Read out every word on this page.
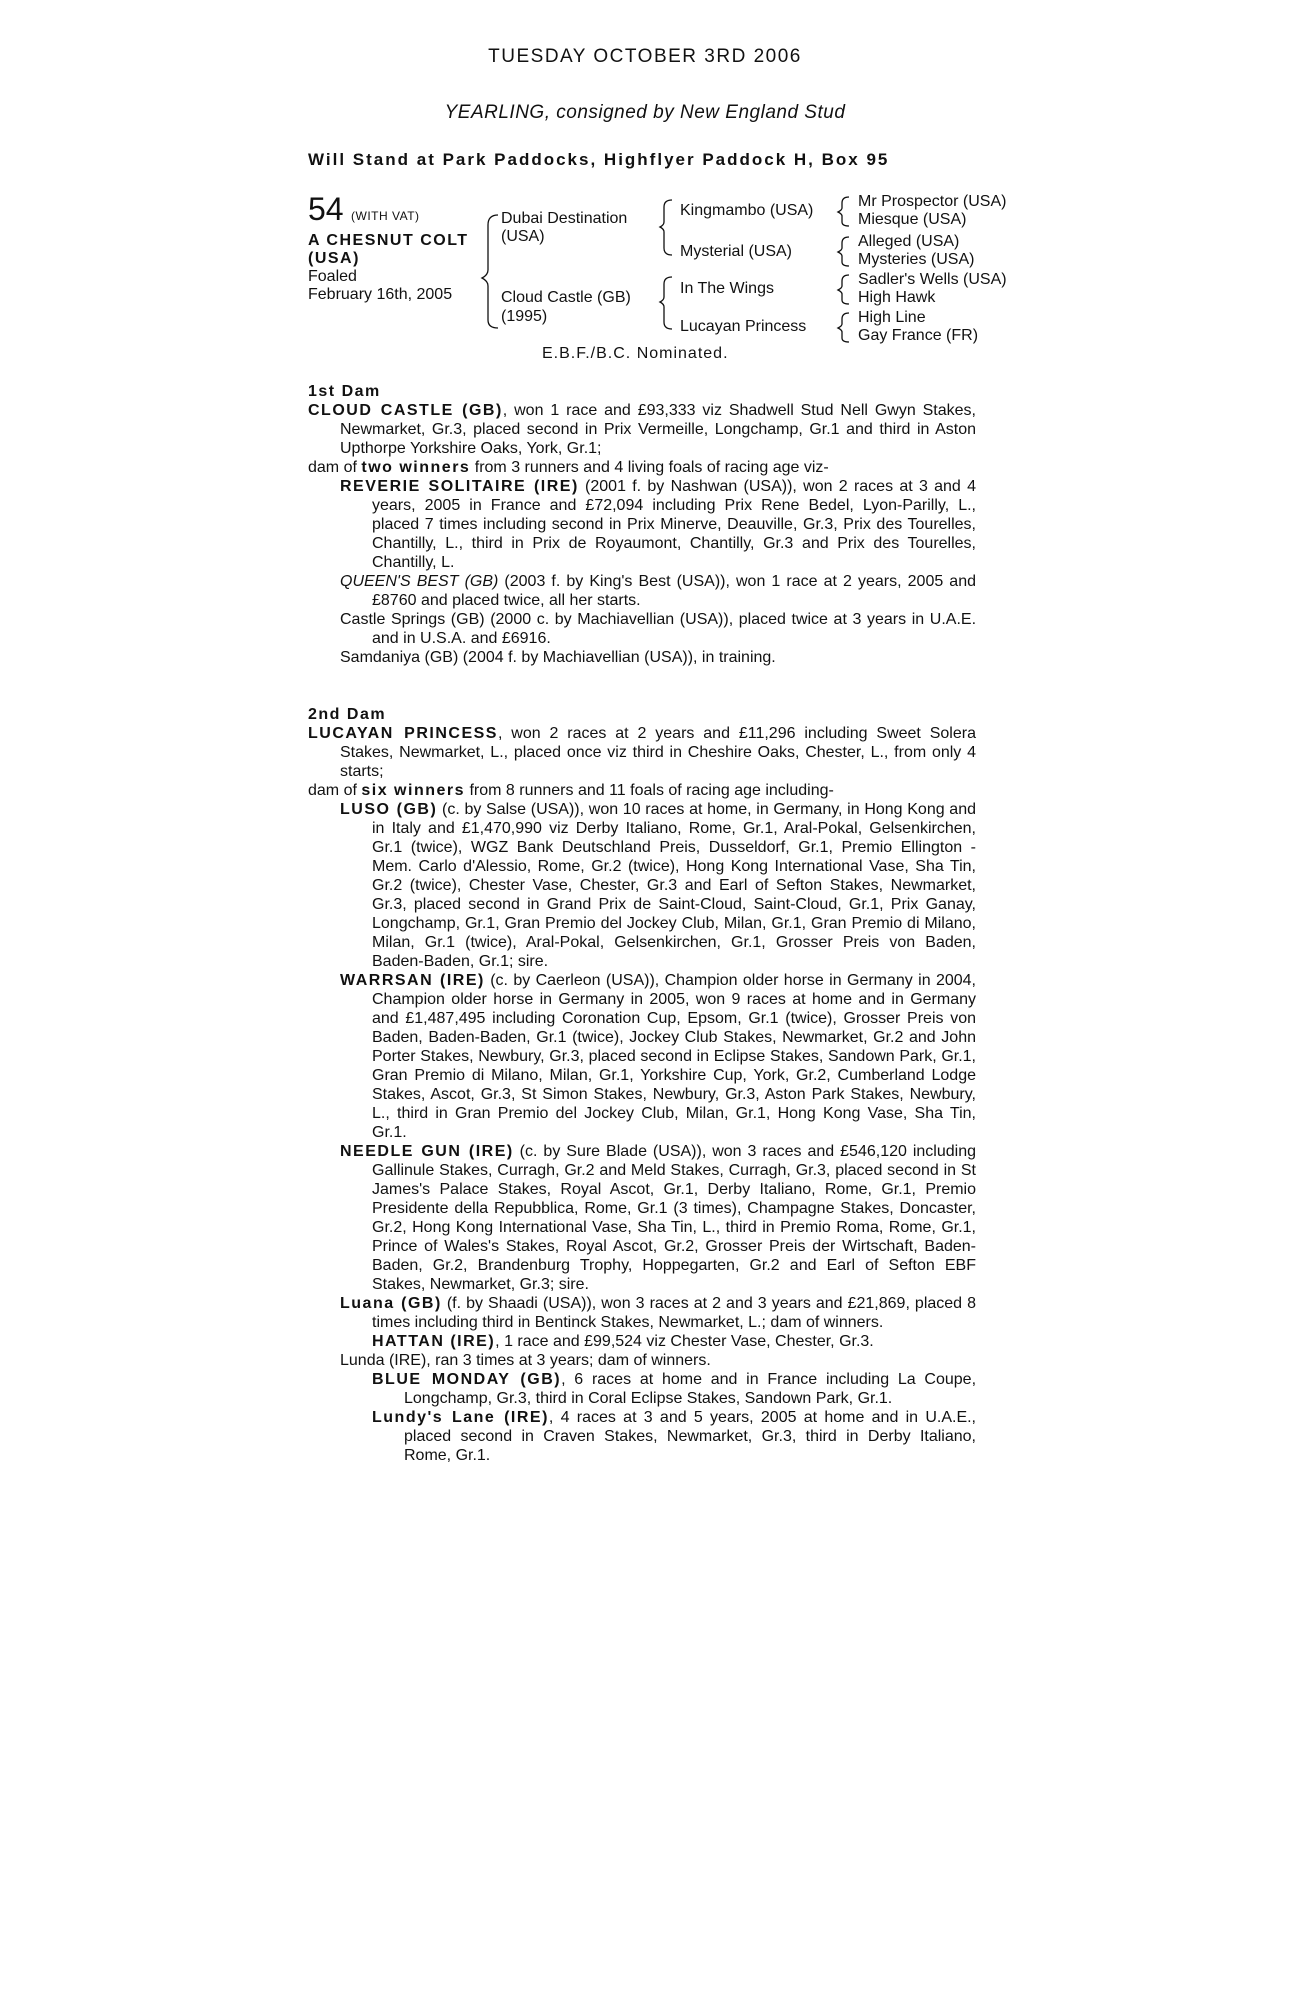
TUESDAY OCTOBER 3RD 2006
YEARLING, consigned by New England Stud
Will Stand at Park Paddocks, Highflyer Paddock H, Box 95
54 (WITH VAT)
A CHESNUT COLT
(USA)
Foaled
February 16th, 2005
Dubai Destination
(USA)
Cloud Castle (GB)
(1995)
Kingmambo (USA)
Mysterial (USA)
In The Wings
Lucayan Princess
Mr Prospector (USA)
Miesque (USA)
Alleged (USA)
Mysteries (USA)
Sadler's Wells (USA)
High Hawk
High Line
Gay France (FR)
E.B.F./B.C. Nominated.

1st Dam

CLOUD CASTLE (GB), won 1 race and £93,333 viz Shadwell Stud Nell Gwyn Stakes, Newmarket, Gr.3, placed second in Prix Vermeille, Longchamp, Gr.1 and third in Aston Upthorpe Yorkshire Oaks, York, Gr.1;

dam of two winners from 3 runners and 4 living foals of racing age viz-

REVERIE SOLITAIRE (IRE) (2001 f. by Nashwan (USA)), won 2 races at 3 and 4 years, 2005 in France and £72,094 including Prix Rene Bedel, Lyon-Parilly, L., placed 7 times including second in Prix Minerve, Deauville, Gr.3, Prix des Tourelles, Chantilly, L., third in Prix de Royaumont, Chantilly, Gr.3 and Prix des Tourelles, Chantilly, L.

QUEEN'S BEST (GB) (2003 f. by King's Best (USA)), won 1 race at 2 years, 2005 and £8760 and placed twice, all her starts.

Castle Springs (GB) (2000 c. by Machiavellian (USA)), placed twice at 3 years in U.A.E. and in U.S.A. and £6916.

Samdaniya (GB) (2004 f. by Machiavellian (USA)), in training.

2nd Dam

LUCAYAN PRINCESS, won 2 races at 2 years and £11,296 including Sweet Solera Stakes, Newmarket, L., placed once viz third in Cheshire Oaks, Chester, L., from only 4 starts;

dam of six winners from 8 runners and 11 foals of racing age including-

LUSO (GB) (c. by Salse (USA)), won 10 races at home, in Germany, in Hong Kong and in Italy and £1,470,990 viz Derby Italiano, Rome, Gr.1, Aral-Pokal, Gelsenkirchen, Gr.1 (twice), WGZ Bank Deutschland Preis, Dusseldorf, Gr.1, Premio Ellington - Mem. Carlo d'Alessio, Rome, Gr.2 (twice), Hong Kong International Vase, Sha Tin, Gr.2 (twice), Chester Vase, Chester, Gr.3 and Earl of Sefton Stakes, Newmarket, Gr.3, placed second in Grand Prix de Saint-Cloud, Saint-Cloud, Gr.1, Prix Ganay, Longchamp, Gr.1, Gran Premio del Jockey Club, Milan, Gr.1, Gran Premio di Milano, Milan, Gr.1 (twice), Aral-Pokal, Gelsenkirchen, Gr.1, Grosser Preis von Baden, Baden-Baden, Gr.1; sire.

WARRSAN (IRE) (c. by Caerleon (USA)), Champion older horse in Germany in 2004, Champion older horse in Germany in 2005, won 9 races at home and in Germany and £1,487,495 including Coronation Cup, Epsom, Gr.1 (twice), Grosser Preis von Baden, Baden-Baden, Gr.1 (twice), Jockey Club Stakes, Newmarket, Gr.2 and John Porter Stakes, Newbury, Gr.3, placed second in Eclipse Stakes, Sandown Park, Gr.1, Gran Premio di Milano, Milan, Gr.1, Yorkshire Cup, York, Gr.2, Cumberland Lodge Stakes, Ascot, Gr.3, St Simon Stakes, Newbury, Gr.3, Aston Park Stakes, Newbury, L., third in Gran Premio del Jockey Club, Milan, Gr.1, Hong Kong Vase, Sha Tin, Gr.1.

NEEDLE GUN (IRE) (c. by Sure Blade (USA)), won 3 races and £546,120 including Gallinule Stakes, Curragh, Gr.2 and Meld Stakes, Curragh, Gr.3, placed second in St James's Palace Stakes, Royal Ascot, Gr.1, Derby Italiano, Rome, Gr.1, Premio Presidente della Repubblica, Rome, Gr.1 (3 times), Champagne Stakes, Doncaster, Gr.2, Hong Kong International Vase, Sha Tin, L., third in Premio Roma, Rome, Gr.1, Prince of Wales's Stakes, Royal Ascot, Gr.2, Grosser Preis der Wirtschaft, Baden-Baden, Gr.2, Brandenburg Trophy, Hoppegarten, Gr.2 and Earl of Sefton EBF Stakes, Newmarket, Gr.3; sire.

Luana (GB) (f. by Shaadi (USA)), won 3 races at 2 and 3 years and £21,869, placed 8 times including third in Bentinck Stakes, Newmarket, L.; dam of winners.

HATTAN (IRE), 1 race and £99,524 viz Chester Vase, Chester, Gr.3.

Lunda (IRE), ran 3 times at 3 years; dam of winners.

BLUE MONDAY (GB), 6 races at home and in France including La Coupe, Longchamp, Gr.3, third in Coral Eclipse Stakes, Sandown Park, Gr.1.

Lundy's Lane (IRE), 4 races at 3 and 5 years, 2005 at home and in U.A.E., placed second in Craven Stakes, Newmarket, Gr.3, third in Derby Italiano, Rome, Gr.1.
